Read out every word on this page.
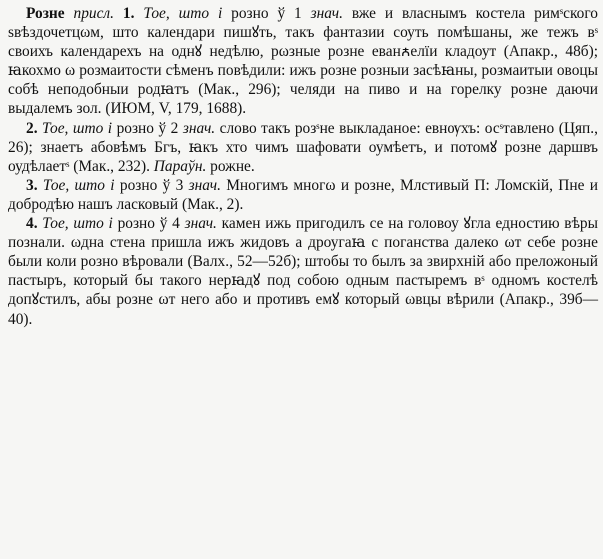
Розне присл. 1. Тое, што і розно ў 1 знач. вже и власнымъ костела римˢского ѕвѣздочетцωм, што календари пишꙋть, такъ фантазии соуть помѣшаны, же тежъ вˢ своихъ календарехъ на однꙋ недѣлю, рωзные розне еванꙉелїи кладоут (Апакр., 48б); ꙗкохмо ω розмаитости сѣменъ повѣдили: ижъ розне розныи засѣꙗны, розмаитыи овоцы собѣ неподобныи родꙗтъ (Мак., 296); челяди на пиво и на горелку розне даючи выдалемъ зол. (ИЮМ, V, 179, 1688).

2. Тое, што і розно ў 2 знач. слово такъ розˢне выкладаное: евнѹхъ: осˢтавлено (Цяп., 26); знаетъ абовѣмъ Бгъ, ꙗкъ хто чимъ шафовати оумѣетъ, и потомꙋ розне даршвъ оудѣлаетˢ (Мак., 232). Параўн. рожне.

3. Тое, што і розно ў 3 знач. Многимъ многω и розне, Млстивый П: Ломскій, Пне и добродѣю нашъ ласковый (Мак., 2).

4. Тое, што і розно ў 4 знач. камен ижь пригодилъ се на головоу ꙋгла едностию вѣры познали. ωдна стена пришла ижъ жидовъ а дроугаꙗ с поганства далеко ωт себе розне были коли розно вѣровали (Валх., 52—52б); штобы то былъ за звирхній або преложоный пастыръ, который бы такого нерꙗдꙋ под собою одным пастыремъ вˢ одномъ костелѣ допꙋстилъ, абы розне ωт него або и противъ емꙋ который ωвцы вѣрили (Апакр., 39б—40).
